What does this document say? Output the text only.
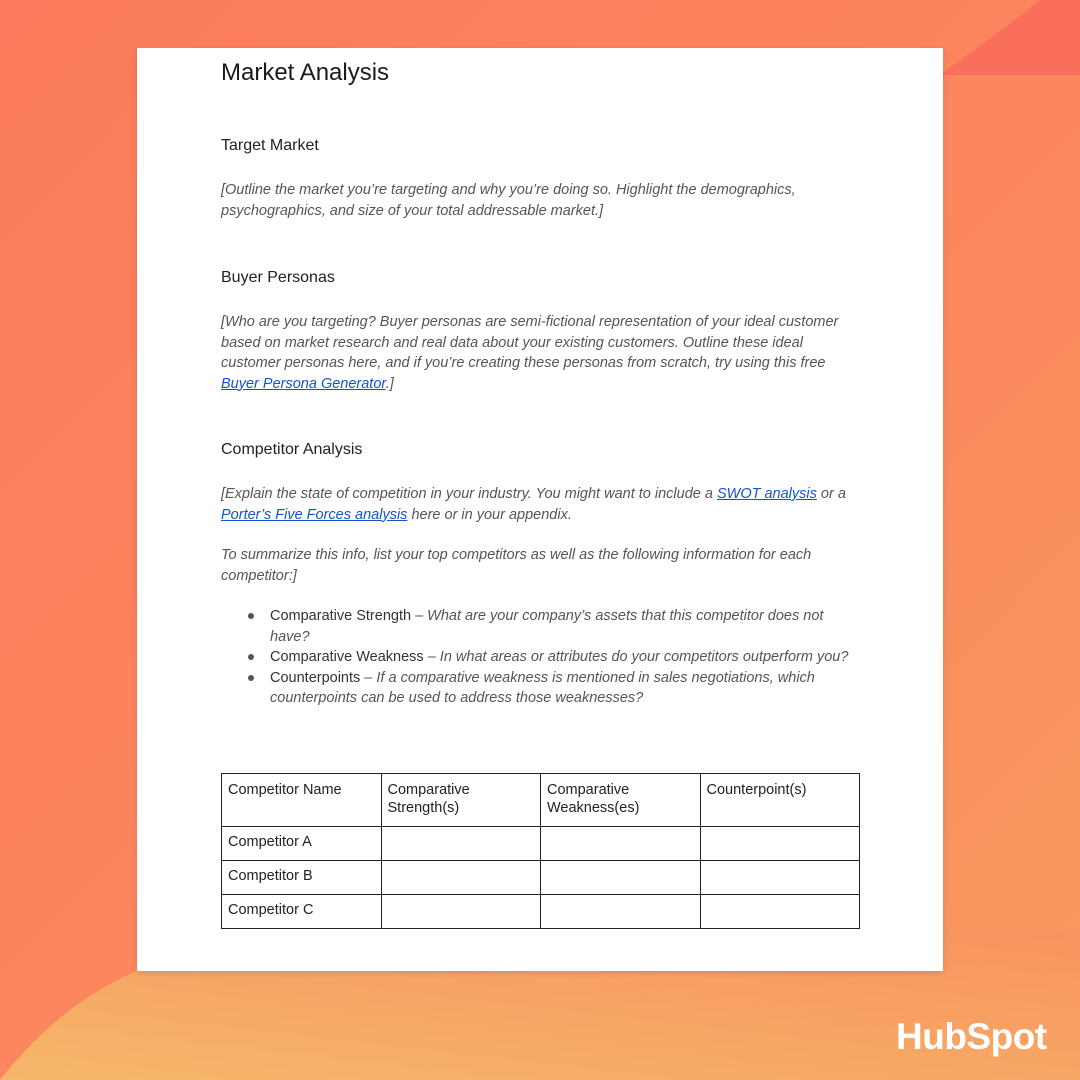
Market Analysis
Target Market

[Outline the market you’re targeting and why you’re doing so. Highlight the demographics, psychographics, and size of your total addressable market.]

Buyer Personas

[Who are you targeting? Buyer personas are semi-fictional representation of your ideal customer based on market research and real data about your existing customers. Outline these ideal customer personas here, and if you’re creating these personas from scratch, try using this free Buyer Persona Generator.]

Competitor Analysis

[Explain the state of competition in your industry. You might want to include a SWOT analysis or a Porter’s Five Forces analysis here or in your appendix.

To summarize this info, list your top competitors as well as the following information for each competitor:]

Comparative Strength – What are your company’s assets that this competitor does not have?
Comparative Weakness – In what areas or attributes do your competitors outperform you?
Counterpoints – If a comparative weakness is mentioned in sales negotiations, which counterpoints can be used to address those weaknesses?
Competitor Name	Comparative Strength(s)	Comparative Weakness(es)	Counterpoint(s)
Competitor A			
Competitor B			
Competitor C			
HubSpot
